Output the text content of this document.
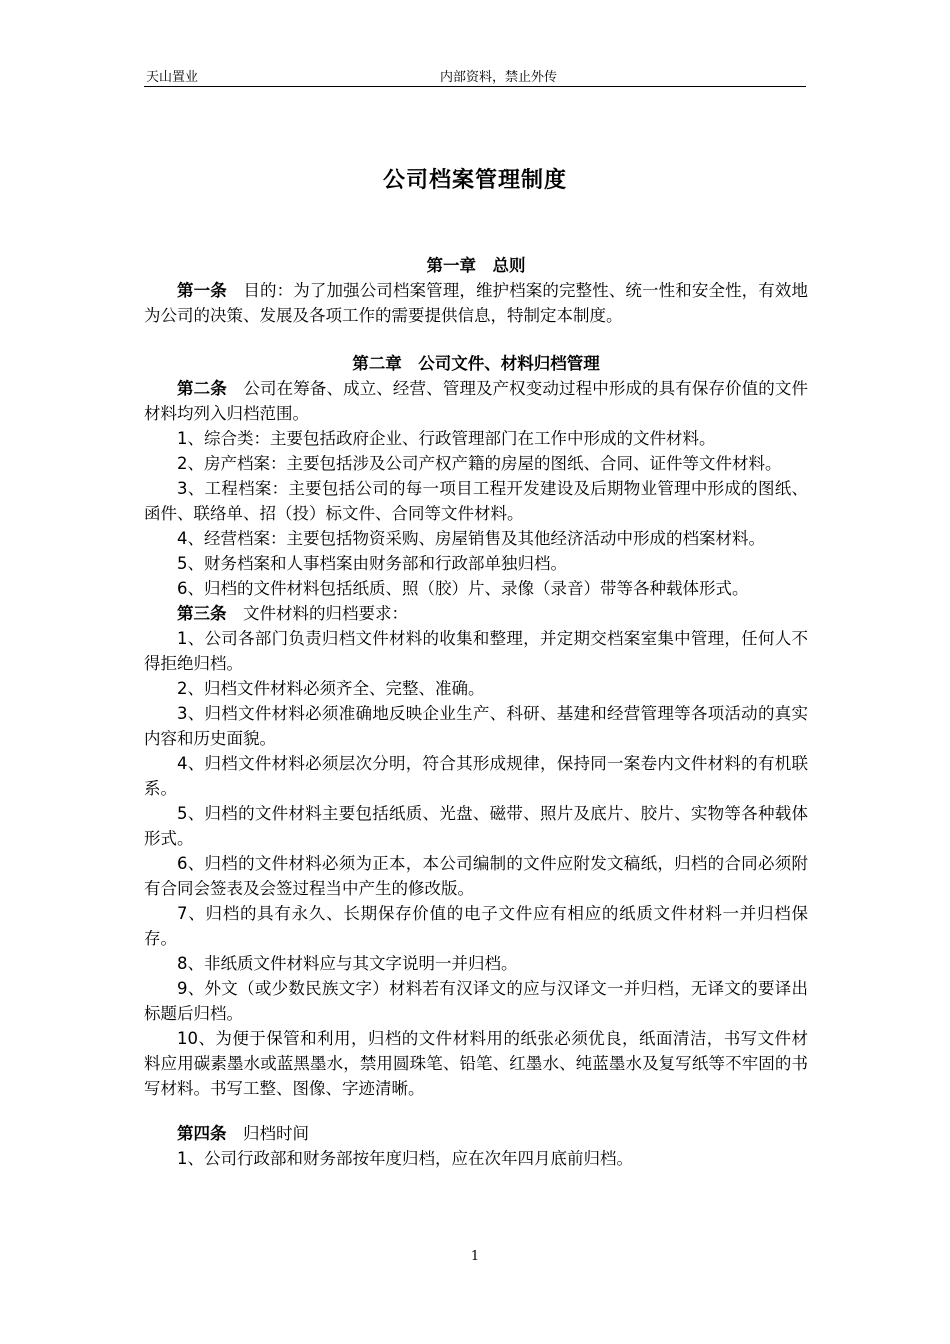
天山置业	内部资料，禁止外传
公司档案管理制度
第一章　总则
第一条　目的：为了加强公司档案管理，维护档案的完整性、统一性和安全性，有效地为公司的决策、发展及各项工作的需要提供信息，特制定本制度。
第二章　公司文件、材料归档管理
第二条　公司在筹备、成立、经营、管理及产权变动过程中形成的具有保存价值的文件材料均列入归档范围。
1、综合类：主要包括政府企业、行政管理部门在工作中形成的文件材料。
2、房产档案：主要包括涉及公司产权产籍的房屋的图纸、合同、证件等文件材料。
3、工程档案：主要包括公司的每一项目工程开发建设及后期物业管理中形成的图纸、函件、联络单、招（投）标文件、合同等文件材料。
4、经营档案：主要包括物资采购、房屋销售及其他经济活动中形成的档案材料。
5、财务档案和人事档案由财务部和行政部单独归档。
6、归档的文件材料包括纸质、照（胶）片、录像（录音）带等各种载体形式。
第三条　文件材料的归档要求：
1、公司各部门负责归档文件材料的收集和整理，并定期交档案室集中管理，任何人不得拒绝归档。
2、归档文件材料必须齐全、完整、准确。
3、归档文件材料必须准确地反映企业生产、科研、基建和经营管理等各项活动的真实内容和历史面貌。
4、归档文件材料必须层次分明，符合其形成规律，保持同一案卷内文件材料的有机联系。
5、归档的文件材料主要包括纸质、光盘、磁带、照片及底片、胶片、实物等各种载体形式。
6、归档的文件材料必须为正本，本公司编制的文件应附发文稿纸，归档的合同必须附有合同会签表及会签过程当中产生的修改版。
7、归档的具有永久、长期保存价值的电子文件应有相应的纸质文件材料一并归档保存。
8、非纸质文件材料应与其文字说明一并归档。
9、外文（或少数民族文字）材料若有汉译文的应与汉译文一并归档，无译文的要译出标题后归档。
10、为便于保管和利用，归档的文件材料用的纸张必须优良，纸面清洁，书写文件材料应用碳素墨水或蓝黑墨水，禁用圆珠笔、铅笔、红墨水、纯蓝墨水及复写纸等不牢固的书写材料。书写工整、图像、字迹清晰。
第四条　归档时间
1、公司行政部和财务部按年度归档，应在次年四月底前归档。
1
